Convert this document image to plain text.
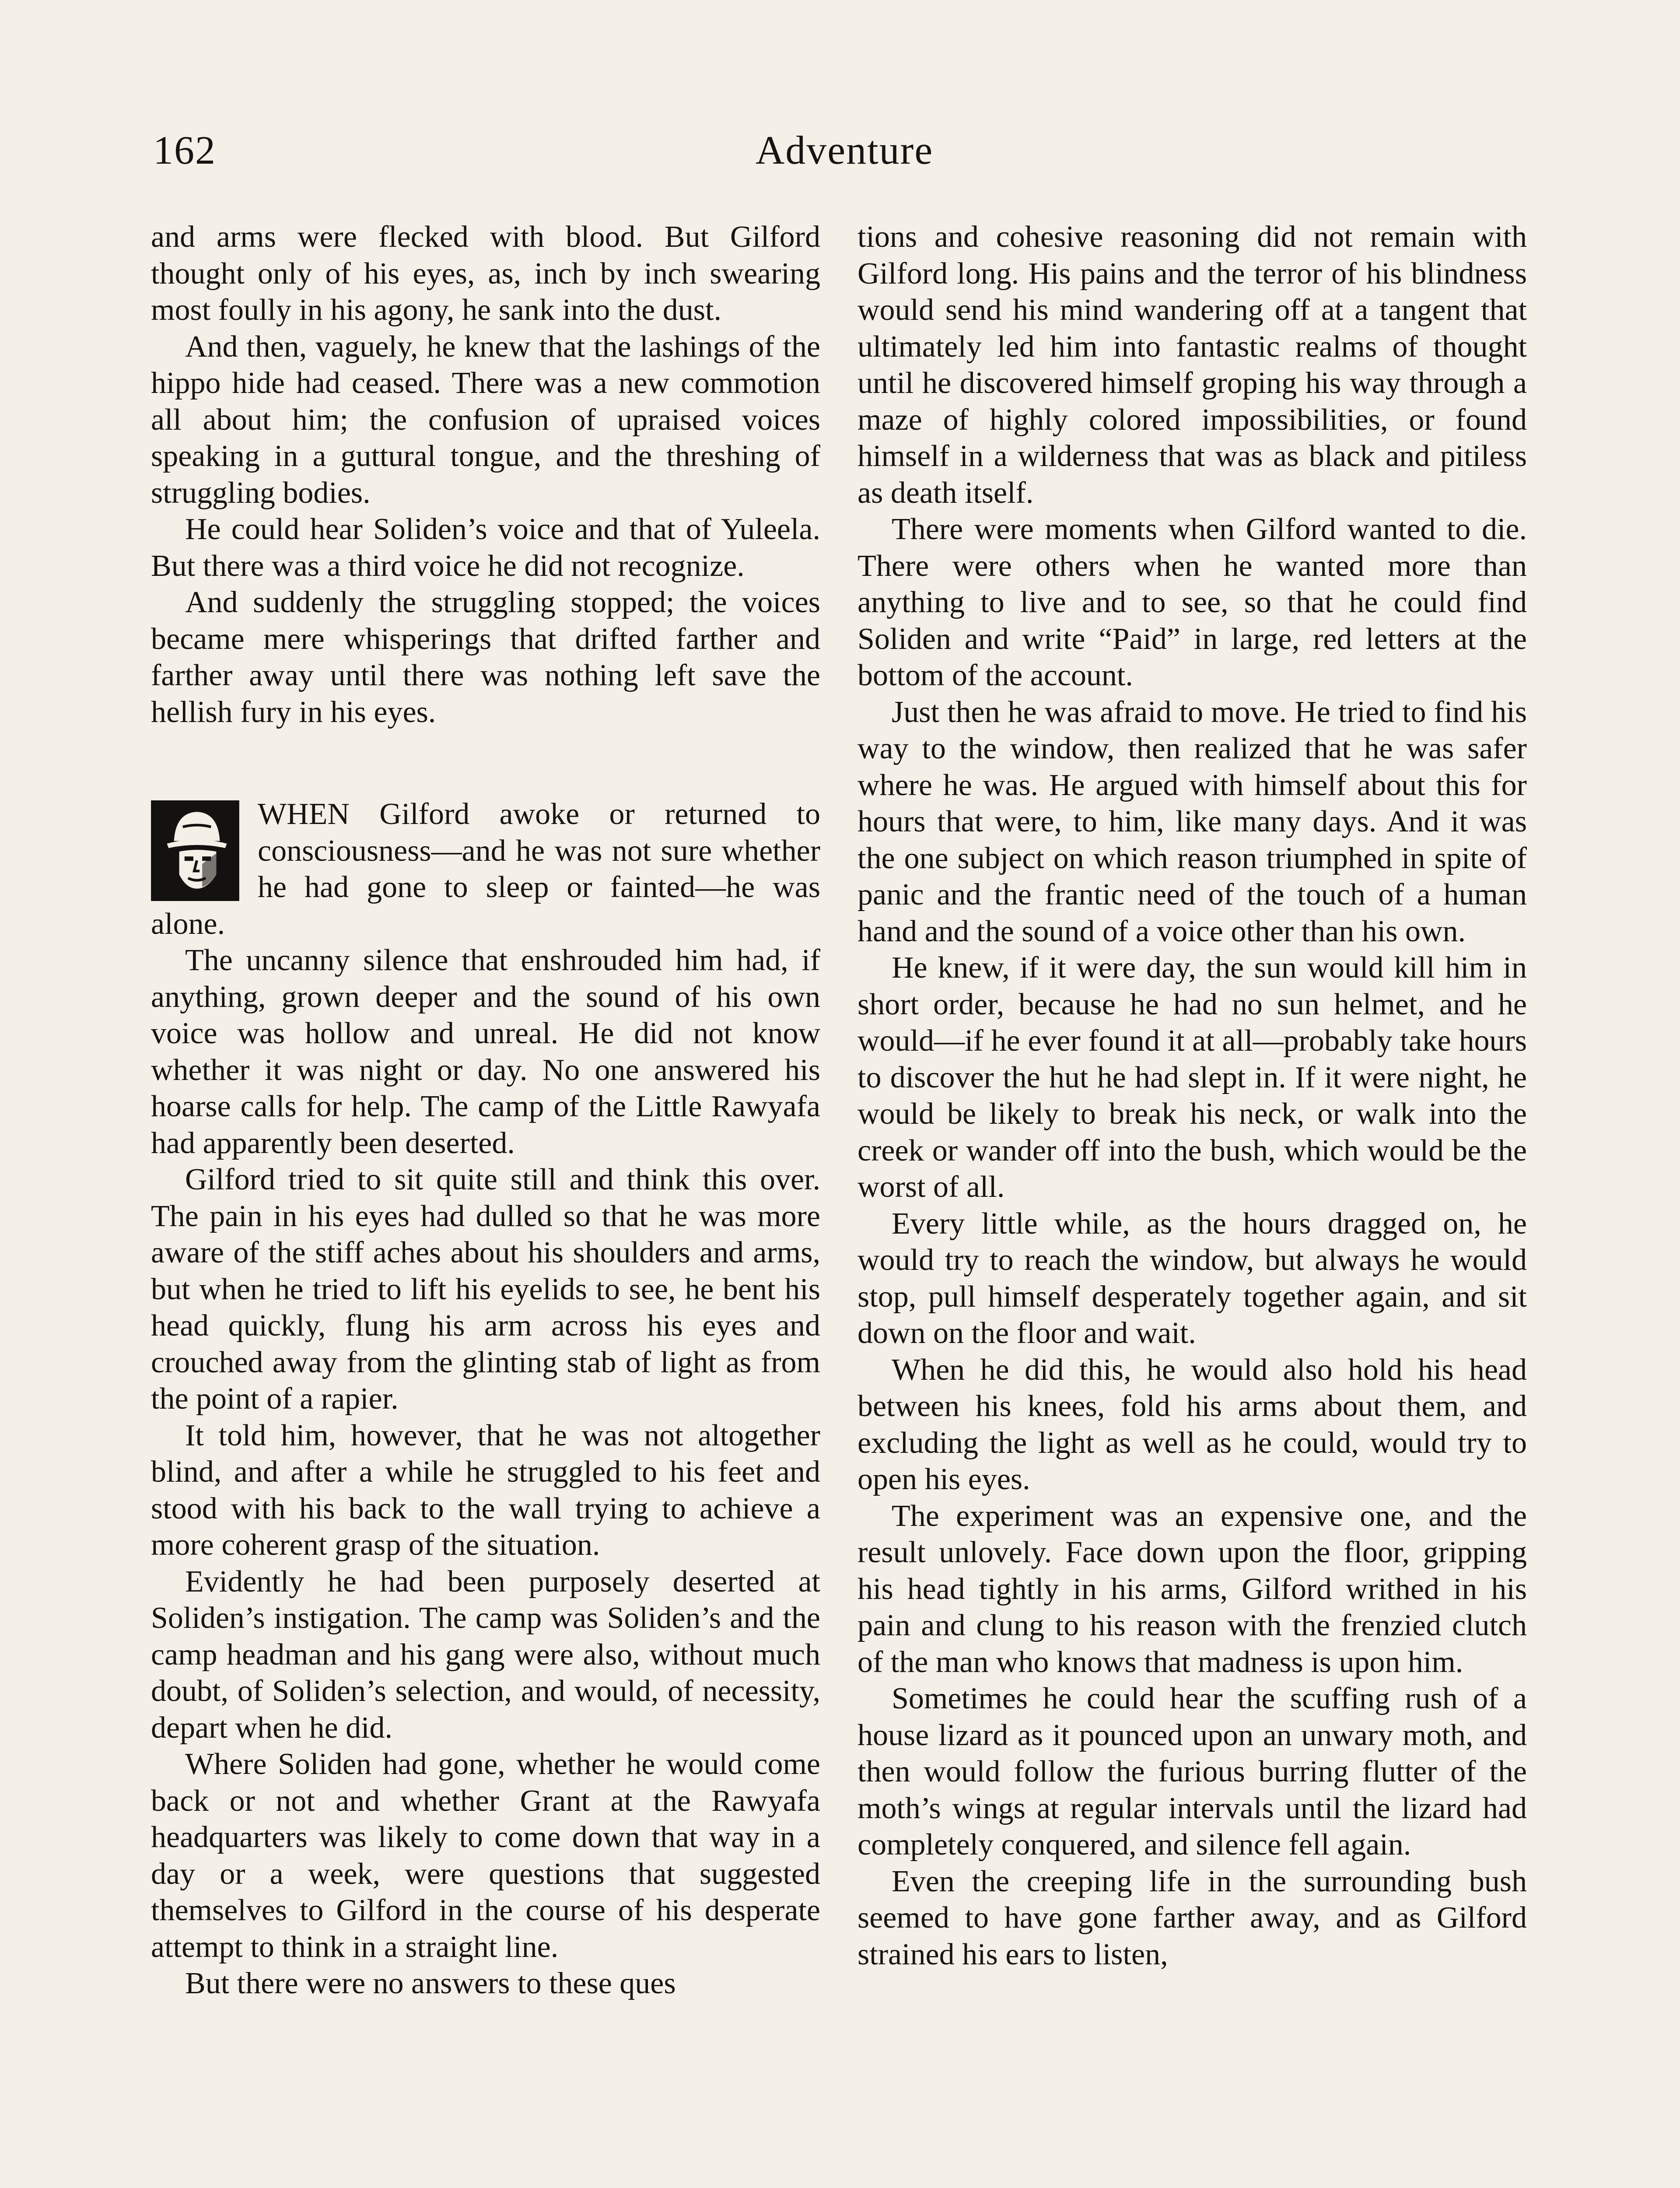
162	Adventure

and arms were flecked with blood. But Gilford thought only of his eyes, as, inch by inch swearing most foully in his agony, he sank into the dust.

And then, vaguely, he knew that the lashings of the hippo hide had ceased. There was a new commotion all about him; the confusion of upraised voices speaking in a guttural tongue, and the threshing of struggling bodies.

He could hear Soliden’s voice and that of Yuleela. But there was a third voice he did not recognize.

And suddenly the struggling stopped; the voices became mere whisperings that drifted farther and farther away until there was nothing left save the hellish fury in his eyes.

WHEN Gilford awoke or returned to consciousness—and he was not sure whether he had gone to sleep or fainted—he was alone.

The uncanny silence that enshrouded him had, if anything, grown deeper and the sound of his own voice was hollow and unreal. He did not know whether it was night or day. No one answered his hoarse calls for help. The camp of the Little Rawyafa had apparently been deserted.

Gilford tried to sit quite still and think this over. The pain in his eyes had dulled so that he was more aware of the stiff aches about his shoulders and arms, but when he tried to lift his eyelids to see, he bent his head quickly, flung his arm across his eyes and crouched away from the glinting stab of light as from the point of a rapier.

It told him, however, that he was not altogether blind, and after a while he struggled to his feet and stood with his back to the wall trying to achieve a more coherent grasp of the situation.

Evidently he had been purposely deserted at Soliden’s instigation. The camp was Soliden’s and the camp headman and his gang were also, without much doubt, of Soliden’s selection, and would, of necessity, depart when he did.

Where Soliden had gone, whether he would come back or not and whether Grant at the Rawyafa headquarters was likely to come down that way in a day or a week, were questions that suggested themselves to Gilford in the course of his desperate attempt to think in a straight line.

But there were no answers to these ques

tions and cohesive reasoning did not remain with Gilford long. His pains and the terror of his blindness would send his mind wandering off at a tangent that ultimately led him into fantastic realms of thought until he discovered himself groping his way through a maze of highly colored impossibilities, or found himself in a wilderness that was as black and pitiless as death itself.

There were moments when Gilford wanted to die. There were others when he wanted more than anything to live and to see, so that he could find Soliden and write “Paid” in large, red letters at the bottom of the account.

Just then he was afraid to move. He tried to find his way to the window, then realized that he was safer where he was. He argued with himself about this for hours that were, to him, like many days. And it was the one subject on which reason triumphed in spite of panic and the frantic need of the touch of a human hand and the sound of a voice other than his own.

He knew, if it were day, the sun would kill him in short order, because he had no sun helmet, and he would—if he ever found it at all—probably take hours to discover the hut he had slept in. If it were night, he would be likely to break his neck, or walk into the creek or wander off into the bush, which would be the worst of all.

Every little while, as the hours dragged on, he would try to reach the window, but always he would stop, pull himself desperately together again, and sit down on the floor and wait.

When he did this, he would also hold his head between his knees, fold his arms about them, and excluding the light as well as he could, would try to open his eyes.

The experiment was an expensive one, and the result unlovely. Face down upon the floor, gripping his head tightly in his arms, Gilford writhed in his pain and clung to his reason with the frenzied clutch of the man who knows that madness is upon him.

Sometimes he could hear the scuffing rush of a house lizard as it pounced upon an unwary moth, and then would follow the furious burring flutter of the moth’s wings at regular intervals until the lizard had completely conquered, and silence fell again.

Even the creeping life in the surrounding bush seemed to have gone farther away, and as Gilford strained his ears to listen,
